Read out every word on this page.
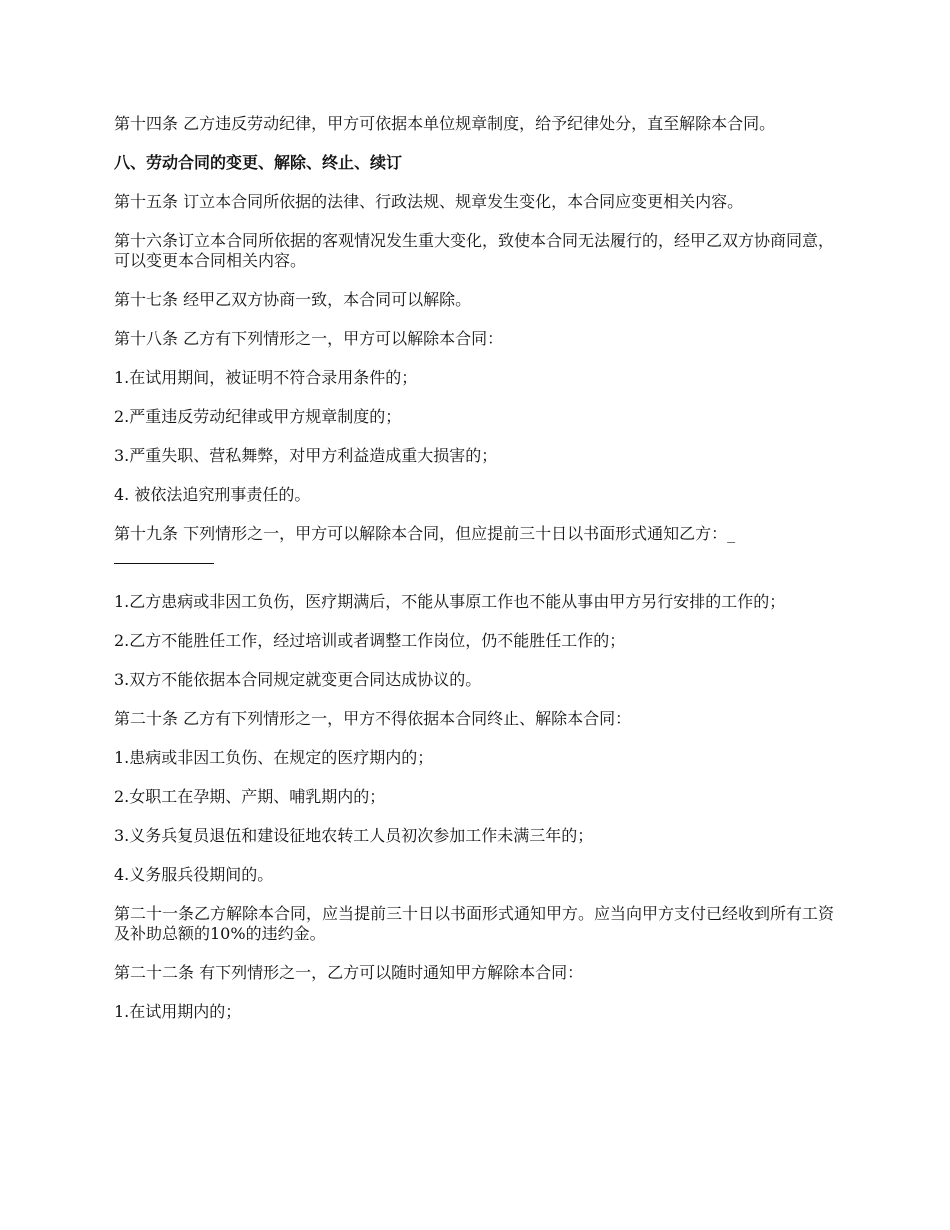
第十四条 乙方违反劳动纪律，甲方可依据本单位规章制度，给予纪律处分，直至解除本合同。

八、劳动合同的变更、解除、终止、续订

第十五条 订立本合同所依据的法律、行政法规、规章发生变化，本合同应变更相关内容。

第十六条订立本合同所依据的客观情况发生重大变化，致使本合同无法履行的，经甲乙双方协商同意，可以变更本合同相关内容。

第十七条 经甲乙双方协商一致，本合同可以解除。

第十八条 乙方有下列情形之一，甲方可以解除本合同：

1.在试用期间，被证明不符合录用条件的；

2.严重违反劳动纪律或甲方规章制度的；

3.严重失职、营私舞弊，对甲方利益造成重大损害的；

4. 被依法追究刑事责任的。

第十九条 下列情形之一，甲方可以解除本合同，但应提前三十日以书面形式通知乙方：_

1.乙方患病或非因工负伤，医疗期满后，不能从事原工作也不能从事由甲方另行安排的工作的；

2.乙方不能胜任工作，经过培训或者调整工作岗位，仍不能胜任工作的；

3.双方不能依据本合同规定就变更合同达成协议的。

第二十条 乙方有下列情形之一，甲方不得依据本合同终止、解除本合同：

1.患病或非因工负伤、在规定的医疗期内的；

2.女职工在孕期、产期、哺乳期内的；

3.义务兵复员退伍和建设征地农转工人员初次参加工作未满三年的；

4.义务服兵役期间的。

第二十一条乙方解除本合同，应当提前三十日以书面形式通知甲方。应当向甲方支付已经收到所有工资及补助总额的10%的违约金。

第二十二条 有下列情形之一，乙方可以随时通知甲方解除本合同：

1.在试用期内的；
